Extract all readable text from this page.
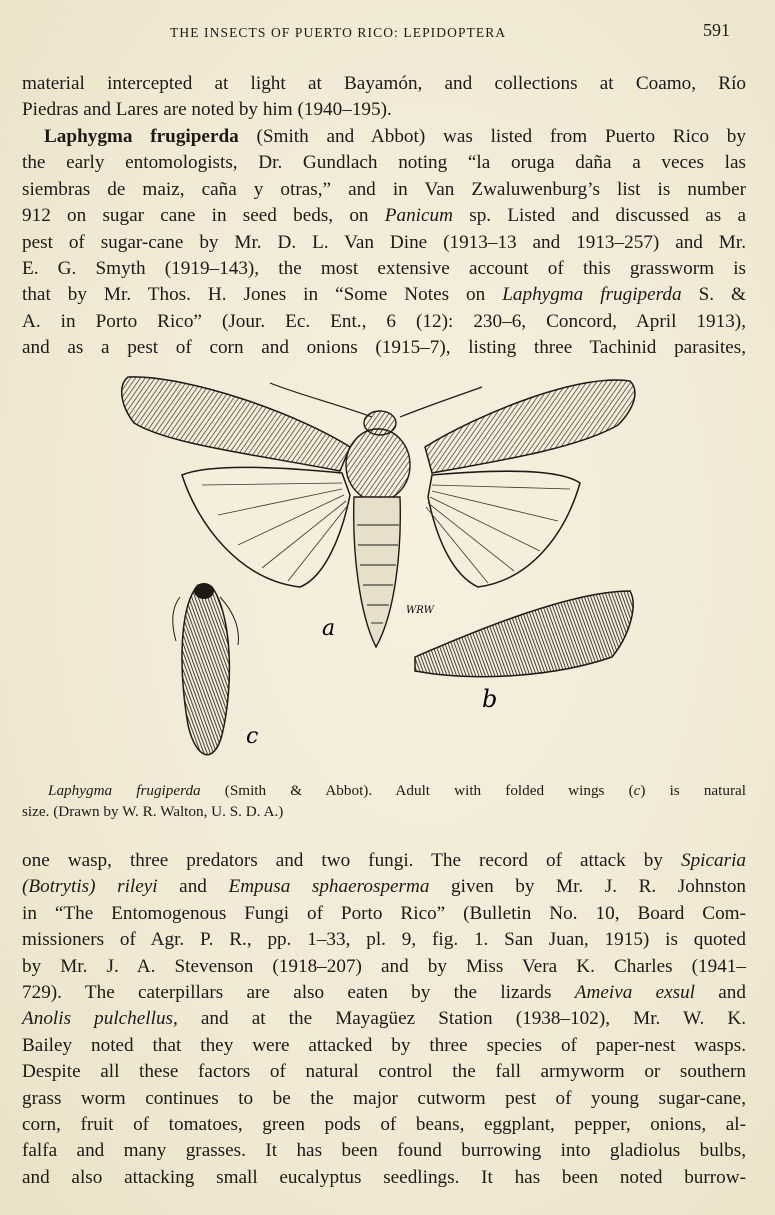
THE INSECTS OF PUERTO RICO: LEPIDOPTERA	591
material intercepted at light at Bayamón, and collections at Coamo, Río
Piedras and Lares are noted by him (1940–195).
Laphygma frugiperda (Smith and Abbot) was listed from Puerto Rico by
the early entomologists, Dr. Gundlach noting “la oruga daña a veces las
siembras de maiz, caña y otras,” and in Van Zwaluwenburg’s list is number
912 on sugar cane in seed beds, on Panicum sp. Listed and discussed as a
pest of sugar-cane by Mr. D. L. Van Dine (1913–13 and 1913–257) and Mr.
E. G. Smyth (1919–143), the most extensive account of this grassworm is
that by Mr. Thos. H. Jones in “Some Notes on Laphygma frugiperda S. &
A. in Porto Rico” (Jour. Ec. Ent., 6 (12): 230–6, Concord, April 1913),
and as a pest of corn and onions (1915–7), listing three Tachinid parasites,
a
WRW
b
c
Laphygma frugiperda (Smith & Abbot). Adult with folded wings (c) is natural
size. (Drawn by W. R. Walton, U. S. D. A.)
one wasp, three predators and two fungi. The record of attack by Spicaria
(Botrytis) rileyi and Empusa sphaerosperma given by Mr. J. R. Johnston
in “The Entomogenous Fungi of Porto Rico” (Bulletin No. 10, Board Com-
missioners of Agr. P. R., pp. 1–33, pl. 9, fig. 1. San Juan, 1915) is quoted
by Mr. J. A. Stevenson (1918–207) and by Miss Vera K. Charles (1941–
729). The caterpillars are also eaten by the lizards Ameiva exsul and
Anolis pulchellus, and at the Mayagüez Station (1938–102), Mr. W. K.
Bailey noted that they were attacked by three species of paper-nest wasps.
Despite all these factors of natural control the fall armyworm or southern
grass worm continues to be the major cutworm pest of young sugar-cane,
corn, fruit of tomatoes, green pods of beans, eggplant, pepper, onions, al-
falfa and many grasses. It has been found burrowing into gladiolus bulbs,
and also attacking small eucalyptus seedlings. It has been noted burrow-
